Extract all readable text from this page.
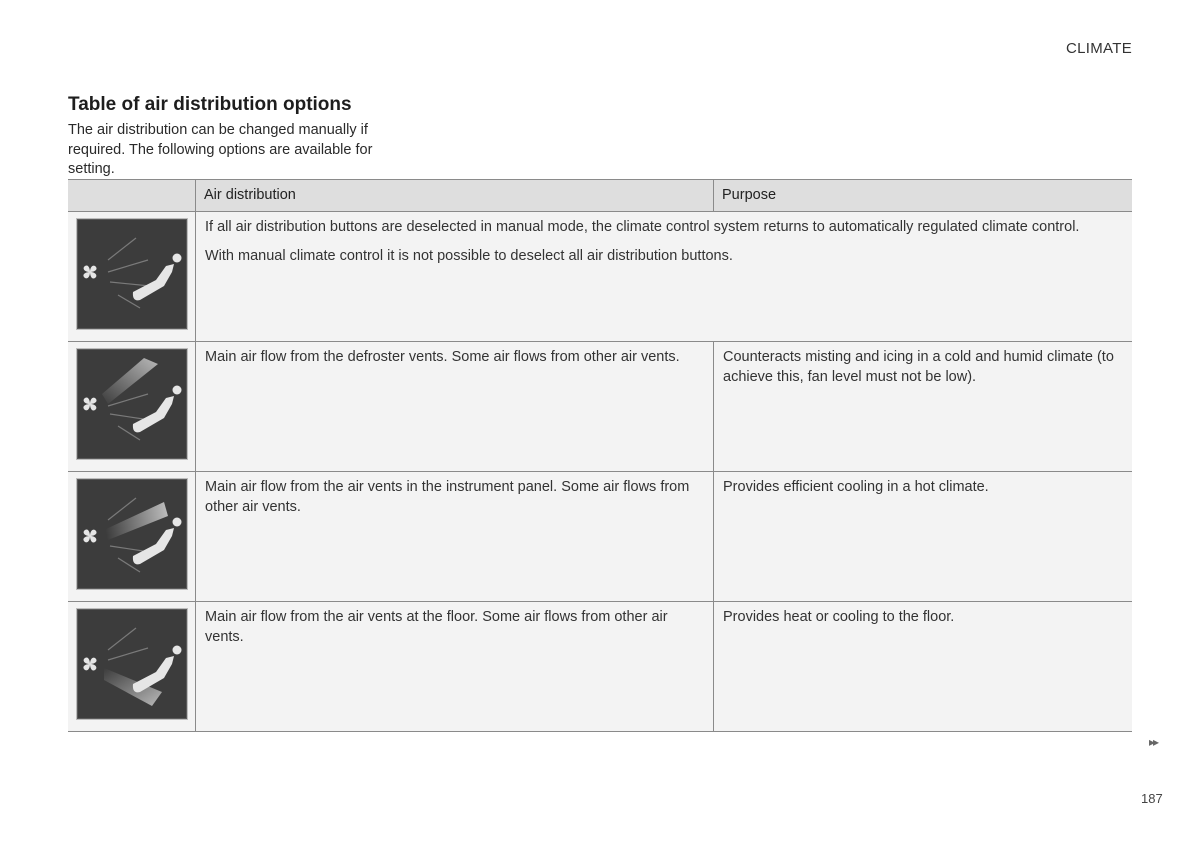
CLIMATE
Table of air distribution options

The air distribution can be changed manually if required. The following options are available for setting.

Air distribution	Purpose

If all air distribution buttons are deselected in manual mode, the climate control system returns to automatically regulated climate control.

With manual climate control it is not possible to deselect all air distribution buttons.

Main air flow from the defroster vents. Some air flows from other air vents.	Counteracts misting and icing in a cold and humid climate (to achieve this, fan level must not be low).
Main air flow from the air vents in the instrument panel. Some air flows from other air vents.
Provides efficient cooling in a hot climate.
Main air flow from the air vents at the floor. Some air flows from other air vents.
Provides heat or cooling to the floor.
▸▸
187
